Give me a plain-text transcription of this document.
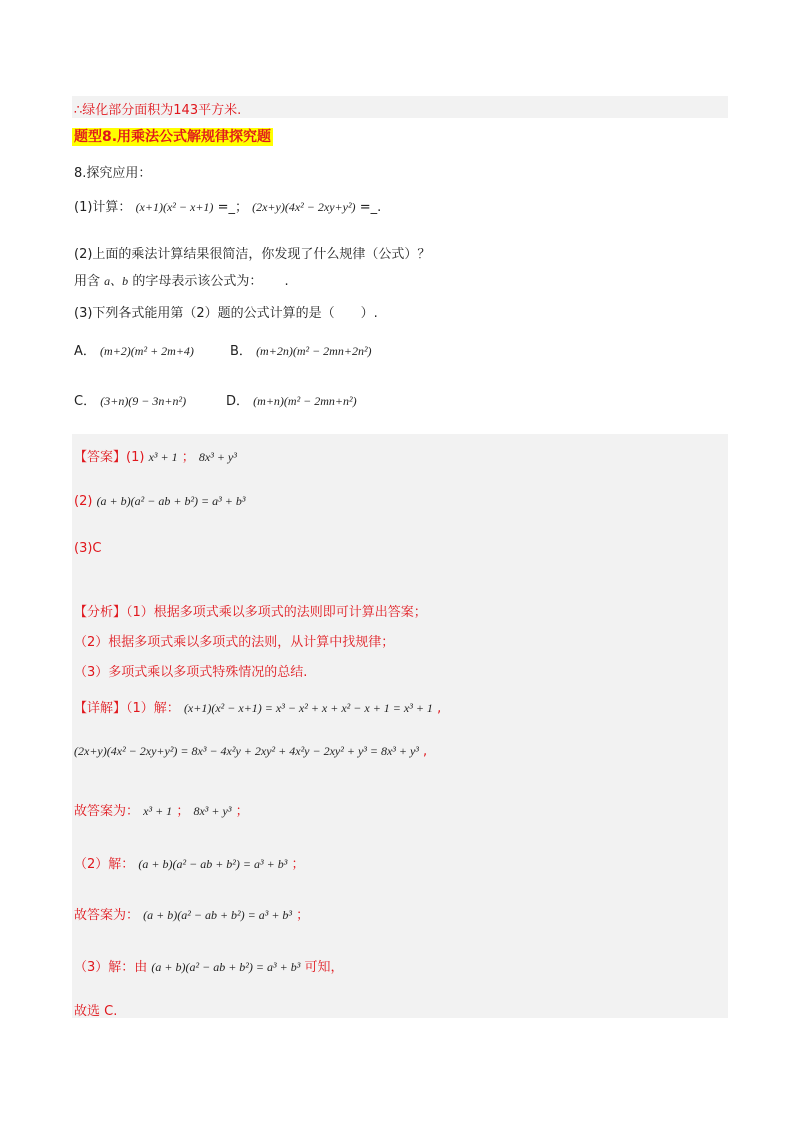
∴绿化部分面积为143平方米.
题型8.用乘法公式解规律探究题
8.探究应用：
(1)计算： (x+1)(x² − x+1) =_； (2x+y)(4x² − 2xy+y²) =_.
(2)上面的乘法计算结果很简洁，你发现了什么规律（公式）？
用含 a、b 的字母表示该公式为： .
(3)下列各式能用第（2）题的公式计算的是（　　）.
A． (m+2)(m² + 2m+4)	B． (m+2n)(m² − 2mn+2n²)
C． (3+n)(9 − 3n+n²)	D． (m+n)(m² − 2mn+n²)
【答案】(1) x³ + 1 ； 8x³ + y³
(2) (a + b)(a² − ab + b²) = a³ + b³
(3)C
【分析】（1）根据多项式乘以多项式的法则即可计算出答案；
（2）根据多项式乘以多项式的法则，从计算中找规律；
（3）多项式乘以多项式特殊情况的总结.
【详解】（1）解： (x+1)(x² − x+1) = x³ − x² + x + x² − x + 1 = x³ + 1 ,
(2x+y)(4x² − 2xy+y²) = 8x³ − 4x²y + 2xy² + 4x²y − 2xy² + y³ = 8x³ + y³ ,
故答案为： x³ + 1 ； 8x³ + y³ ；
（2）解： (a + b)(a² − ab + b²) = a³ + b³ ；
故答案为： (a + b)(a² − ab + b²) = a³ + b³ ；
（3）解：由 (a + b)(a² − ab + b²) = a³ + b³ 可知，
故选 C.
